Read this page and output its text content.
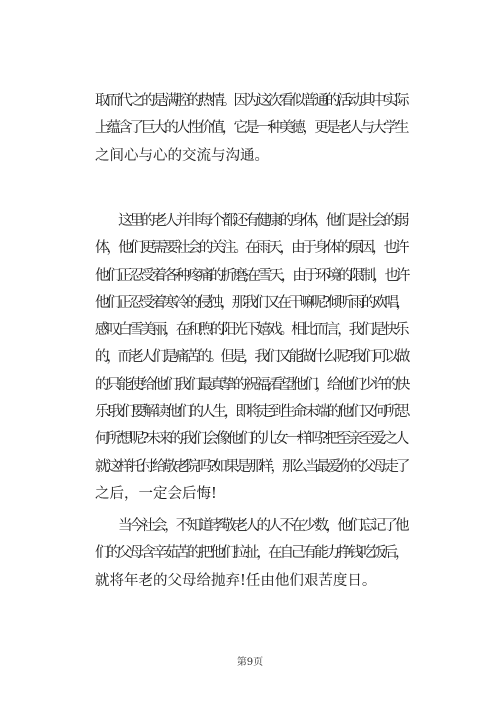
取而代之的是满腔的热情。因为这次看似普通的活动其中实际
上蕴含了巨大的人性价值，它是一种美德，更是老人与大学生
之间心与心的交流与沟通。
　　这里的老人并非每个都还有健康的身体，他们是社会的弱
体，他们更需要社会的关注。在雨天，由于身体的原因，也许
他们正忍受着各种疼痛的折磨;在雪天，由于环境的限制，也许
他们正忍受着寒冷的侵蚀，那我们又在干嘛呢?倾听雨的欢唱，
感叹白雪美丽，在和煦的阳光下嬉戏。相比而言，我们是快乐
的，而老人们是痛苦的。但是，我们又能做什么呢?我们可以做
的只能使给他们我们最真挚的祝福;看望他们，给他们少许的快
乐!我们要解读他们的人生，即将走到生命末端的他们又何所思
何所想呢?未来的我们会像他们的儿女一样吗?把至亲至爱之人
就这样托付给敬老院吗?如果是那样，那么当最爱你的父母走了
之后，一定会后悔!
　　当今社会，不知道孝敬老人的人不在少数，他们忘记了他
们的父母含辛茹苦的把他们拉扯，在自己有能力挣钱吃饭后，
就将年老的父母给抛弃!任由他们艰苦度日。
第9页
